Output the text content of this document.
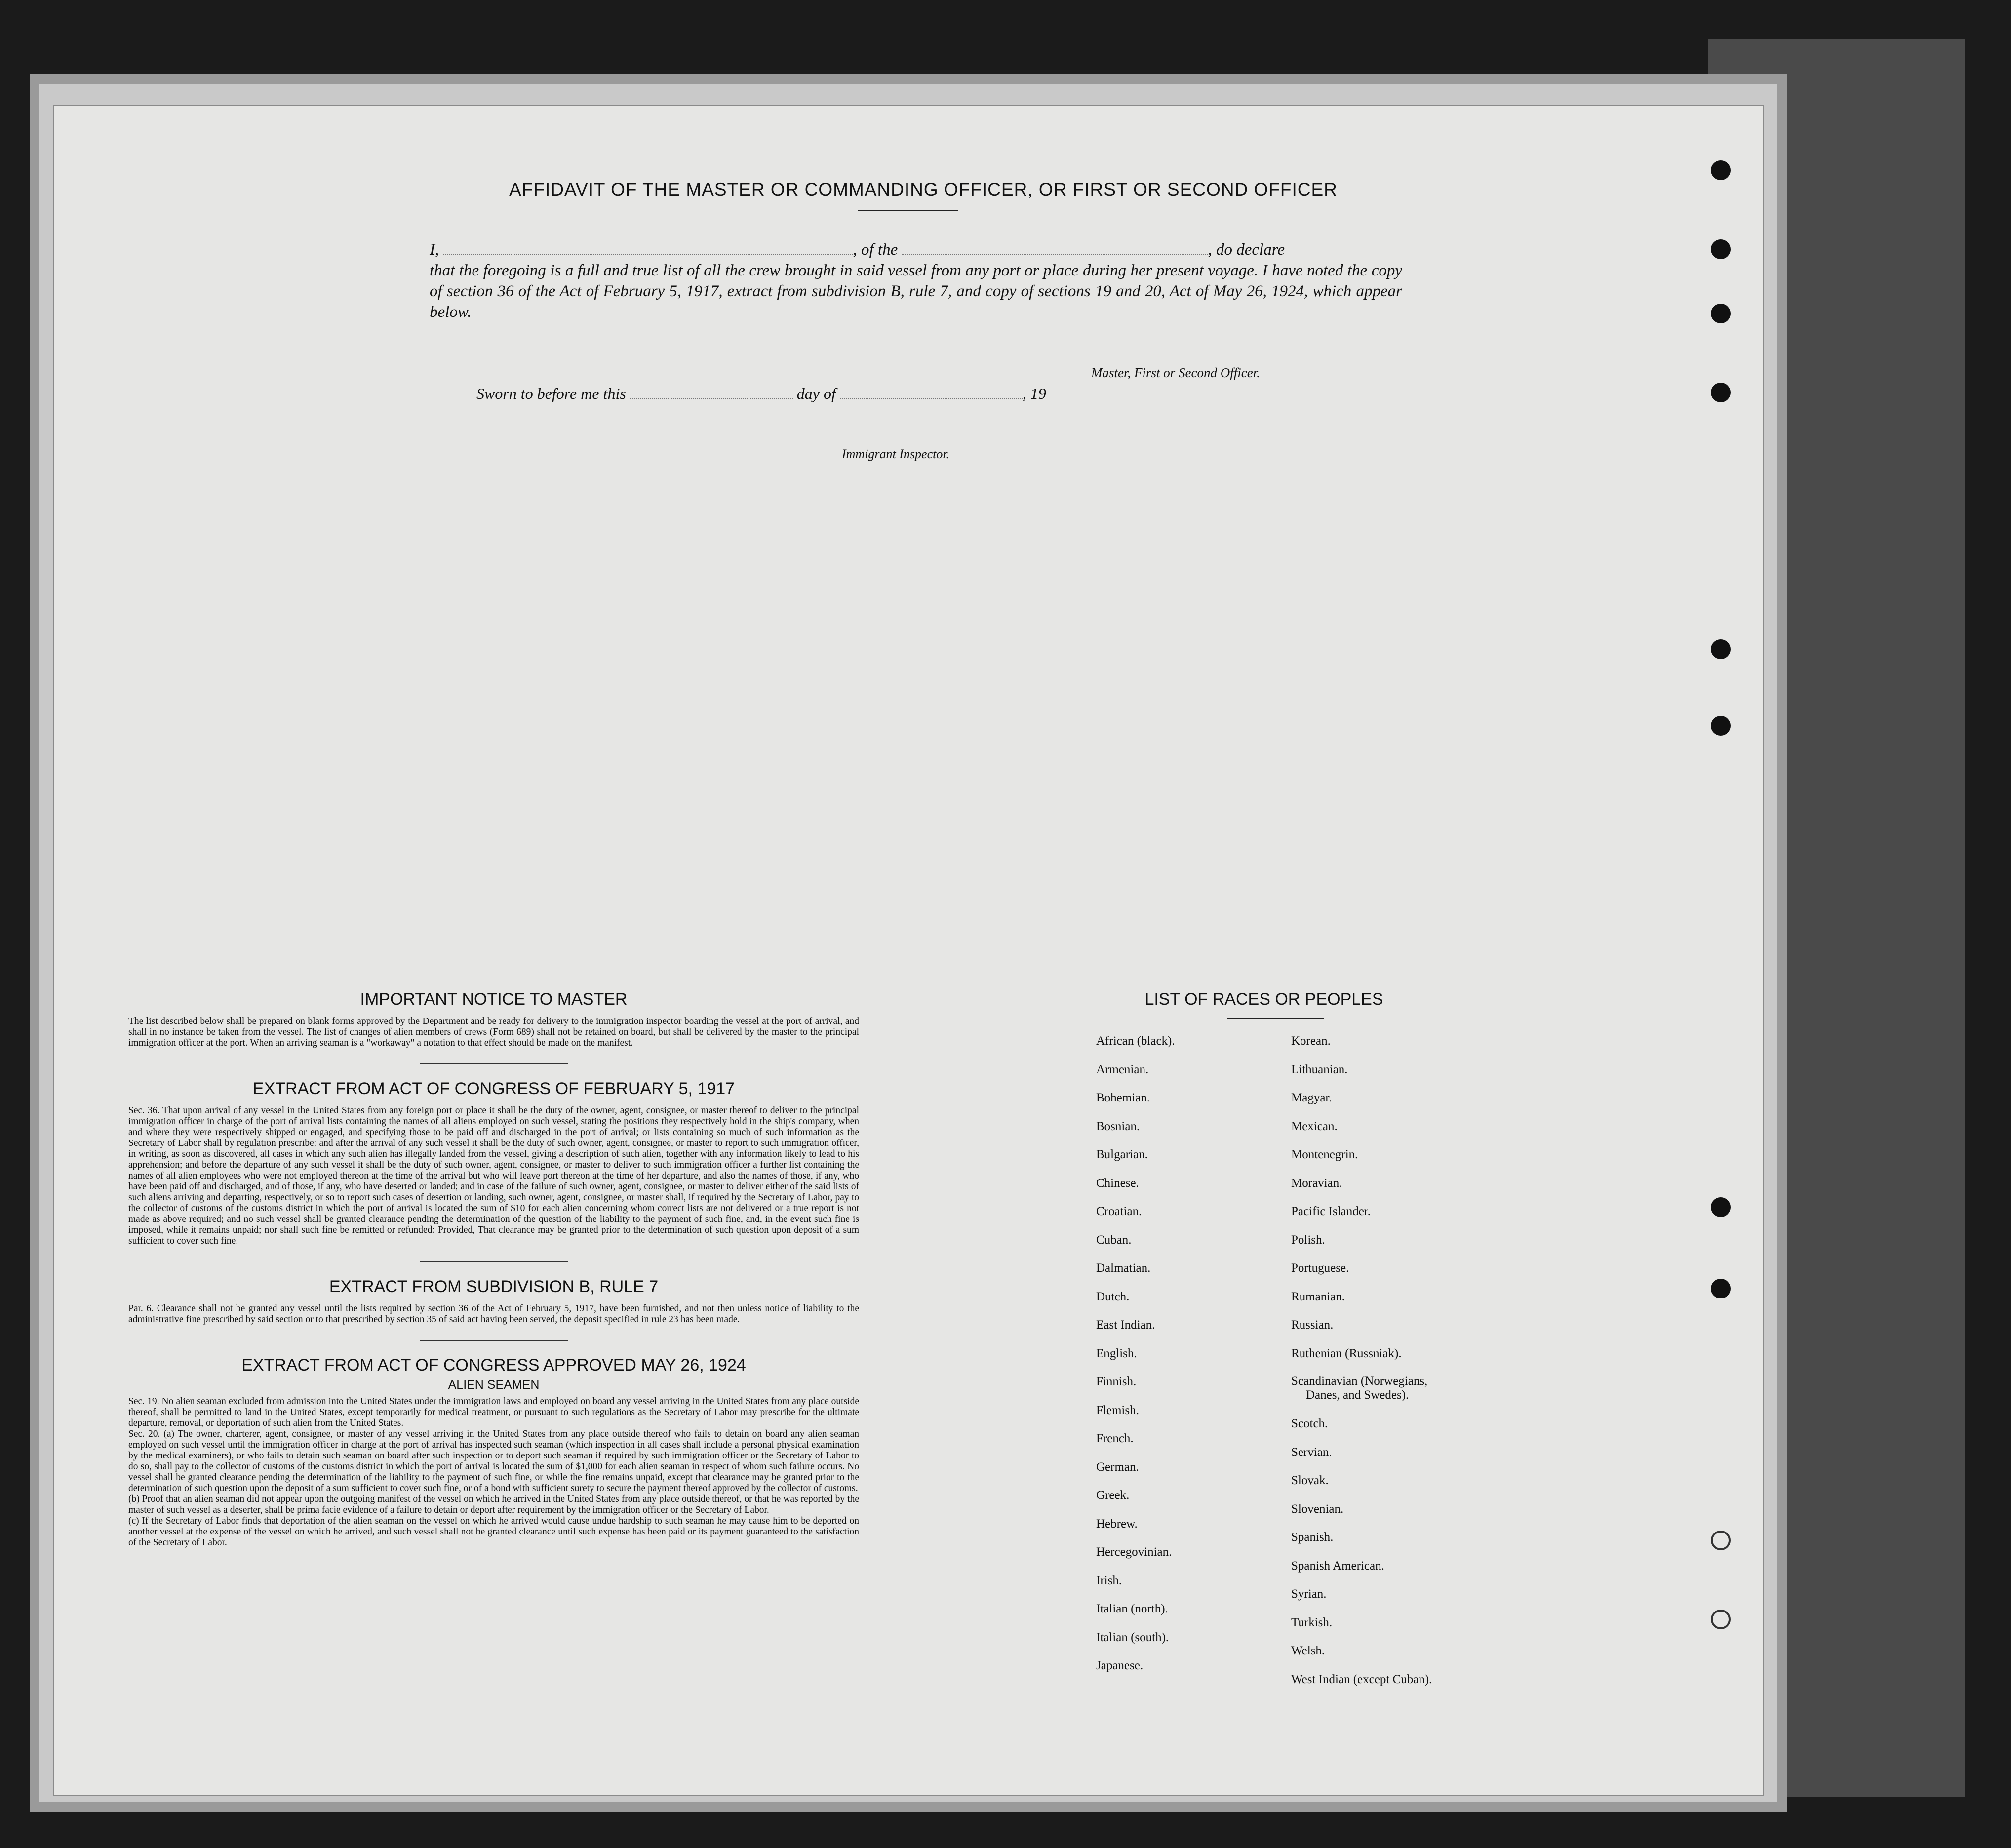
AFFIDAVIT OF THE MASTER OR COMMANDING OFFICER, OR FIRST OR SECOND OFFICER
I,	, of the	, do declare
that the foregoing is a full and true list of all the crew brought in said vessel from any port or place during her present voyage. I have noted the copy of section 36 of the Act of February 5, 1917, extract from subdivision B, rule 7, and copy of sections 19 and 20, Act of May 26, 1924, which appear below.
Master, First or Second Officer.
Sworn to before me this	day of	, 19
Immigrant Inspector.

IMPORTANT NOTICE TO MASTER

The list described below shall be prepared on blank forms approved by the Department and be ready for delivery to the immigration inspector boarding the vessel at the port of arrival, and shall in no instance be taken from the vessel. The list of changes of alien members of crews (Form 689) shall not be retained on board, but shall be delivered by the master to the principal immigration officer at the port. When an arriving seaman is a "workaway" a notation to that effect should be made on the manifest.

EXTRACT FROM ACT OF CONGRESS OF FEBRUARY 5, 1917

Sec. 36. That upon arrival of any vessel in the United States from any foreign port or place it shall be the duty of the owner, agent, consignee, or master thereof to deliver to the principal immigration officer in charge of the port of arrival lists containing the names of all aliens employed on such vessel, stating the positions they respectively hold in the ship's company, when and where they were respectively shipped or engaged, and specifying those to be paid off and discharged in the port of arrival; or lists containing so much of such information as the Secretary of Labor shall by regulation prescribe; and after the arrival of any such vessel it shall be the duty of such owner, agent, consignee, or master to report to such immigration officer, in writing, as soon as discovered, all cases in which any such alien has illegally landed from the vessel, giving a description of such alien, together with any information likely to lead to his apprehension; and before the departure of any such vessel it shall be the duty of such owner, agent, consignee, or master to deliver to such immigration officer a further list containing the names of all alien employees who were not employed thereon at the time of the arrival but who will leave port thereon at the time of her departure, and also the names of those, if any, who have been paid off and discharged, and of those, if any, who have deserted or landed; and in case of the failure of such owner, agent, consignee, or master to deliver either of the said lists of such aliens arriving and departing, respectively, or so to report such cases of desertion or landing, such owner, agent, consignee, or master shall, if required by the Secretary of Labor, pay to the collector of customs of the customs district in which the port of arrival is located the sum of $10 for each alien concerning whom correct lists are not delivered or a true report is not made as above required; and no such vessel shall be granted clearance pending the determination of the question of the liability to the payment of such fine, and, in the event such fine is imposed, while it remains unpaid; nor shall such fine be remitted or refunded: Provided, That clearance may be granted prior to the determination of such question upon deposit of a sum sufficient to cover such fine.

EXTRACT FROM SUBDIVISION B, RULE 7

Par. 6. Clearance shall not be granted any vessel until the lists required by section 36 of the Act of February 5, 1917, have been furnished, and not then unless notice of liability to the administrative fine prescribed by said section or to that prescribed by section 35 of said act having been served, the deposit specified in rule 23 has been made.

EXTRACT FROM ACT OF CONGRESS APPROVED MAY 26, 1924

ALIEN SEAMEN

Sec. 19. No alien seaman excluded from admission into the United States under the immigration laws and employed on board any vessel arriving in the United States from any place outside thereof, shall be permitted to land in the United States, except temporarily for medical treatment, or pursuant to such regulations as the Secretary of Labor may prescribe for the ultimate departure, removal, or deportation of such alien from the United States.

Sec. 20. (a) The owner, charterer, agent, consignee, or master of any vessel arriving in the United States from any place outside thereof who fails to detain on board any alien seaman employed on such vessel until the immigration officer in charge at the port of arrival has inspected such seaman (which inspection in all cases shall include a personal physical examination by the medical examiners), or who fails to detain such seaman on board after such inspection or to deport such seaman if required by such immigration officer or the Secretary of Labor to do so, shall pay to the collector of customs of the customs district in which the port of arrival is located the sum of $1,000 for each alien seaman in respect of whom such failure occurs. No vessel shall be granted clearance pending the determination of the liability to the payment of such fine, or while the fine remains unpaid, except that clearance may be granted prior to the determination of such question upon the deposit of a sum sufficient to cover such fine, or of a bond with sufficient surety to secure the payment thereof approved by the collector of customs.

(b) Proof that an alien seaman did not appear upon the outgoing manifest of the vessel on which he arrived in the United States from any place outside thereof, or that he was reported by the master of such vessel as a deserter, shall be prima facie evidence of a failure to detain or deport after requirement by the immigration officer or the Secretary of Labor.

(c) If the Secretary of Labor finds that deportation of the alien seaman on the vessel on which he arrived would cause undue hardship to such seaman he may cause him to be deported on another vessel at the expense of the vessel on which he arrived, and such vessel shall not be granted clearance until such expense has been paid or its payment guaranteed to the satisfaction of the Secretary of Labor.

LIST OF RACES OR PEOPLES
African (black).
Armenian.
Bohemian.
Bosnian.
Bulgarian.
Chinese.
Croatian.
Cuban.
Dalmatian.
Dutch.
East Indian.
English.
Finnish.
Flemish.
French.
German.
Greek.
Hebrew.
Hercegovinian.
Irish.
Italian (north).
Italian (south).
Japanese.
Korean.
Lithuanian.
Magyar.
Mexican.
Montenegrin.
Moravian.
Pacific Islander.
Polish.
Portuguese.
Rumanian.
Russian.
Ruthenian (Russniak).
Scandinavian (Norwegians,
Danes, and Swedes).
Scotch.
Servian.
Slovak.
Slovenian.
Spanish.
Spanish American.
Syrian.
Turkish.
Welsh.
West Indian (except Cuban).
